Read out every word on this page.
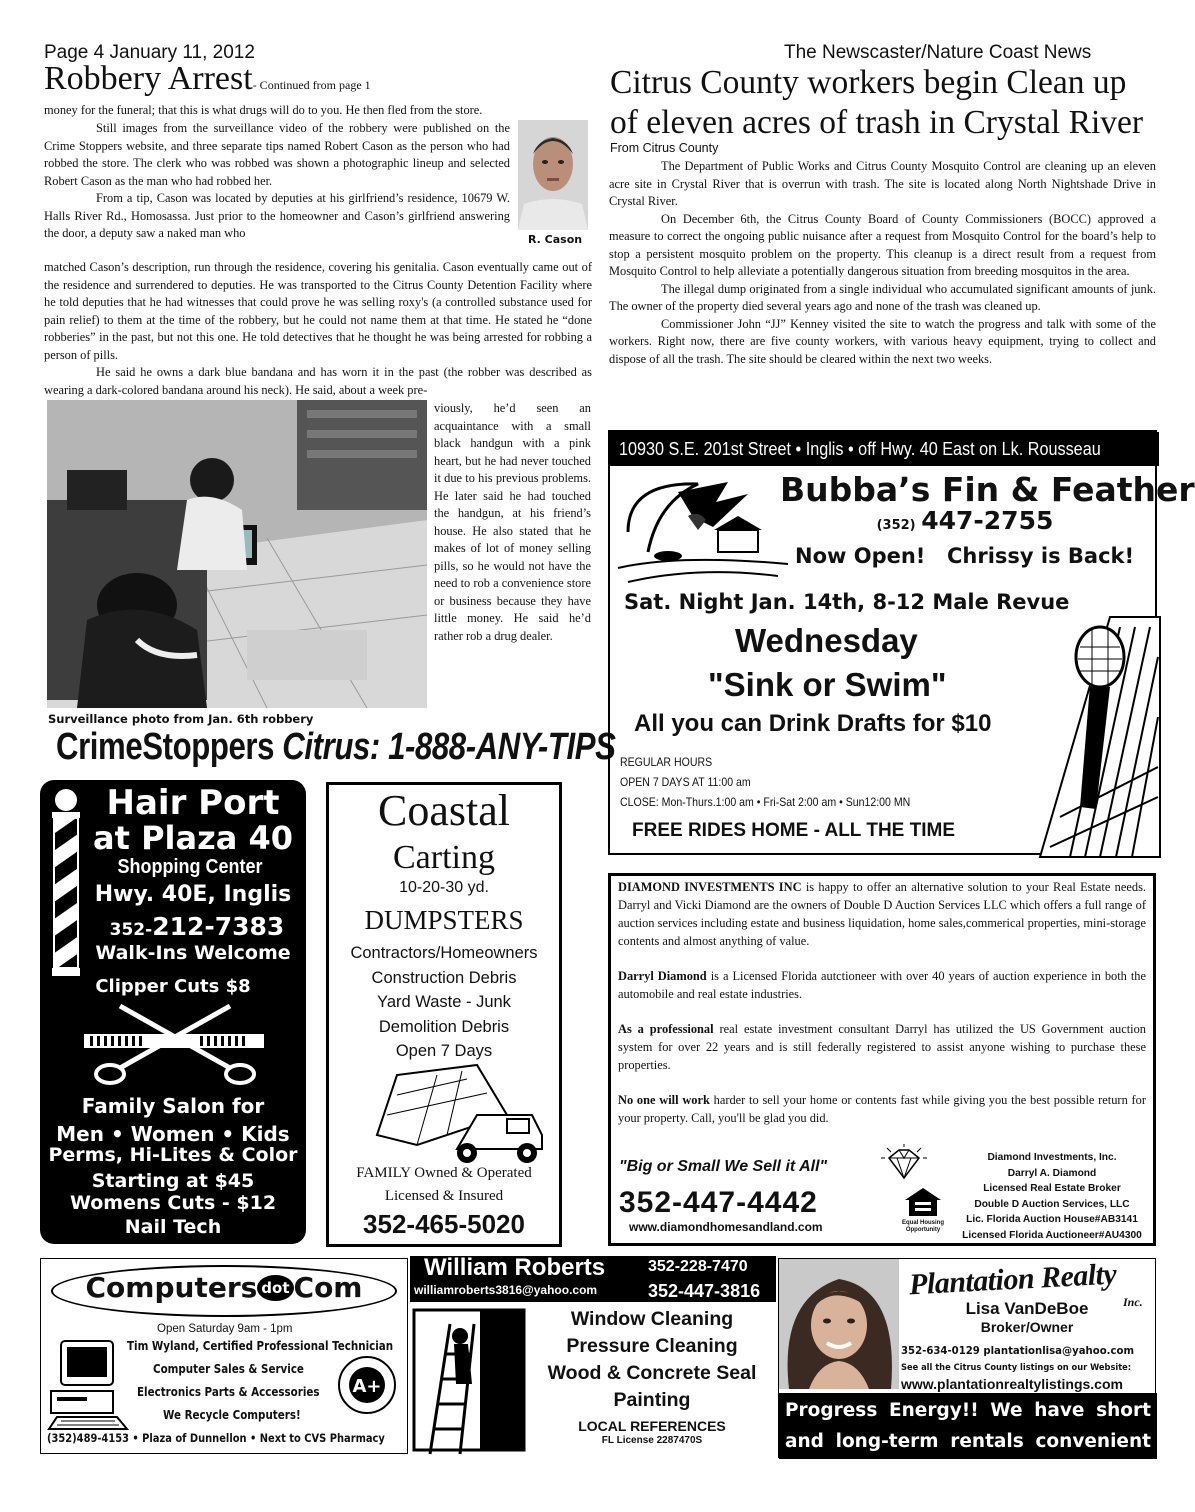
Page 4 January 11, 2012	The Newscaster/Nature Coast News
Robbery Arrest- Continued from page 1

money for the funeral; that this is what drugs will do to you. He then fled from the store.

Still images from the surveillance video of the robbery were published on the Crime Stoppers website, and three separate tips named Robert Cason as the person who had robbed the store. The clerk who was robbed was shown a photographic lineup and selected Robert Cason as the man who had robbed her.

From a tip, Cason was located by deputies at his girlfriend’s residence, 10679 W. Halls River Rd., Homosassa. Just prior to the homeowner and Cason’s girlfriend answering the door, a deputy saw a naked man who	R. Cason

matched Cason’s description, run through the residence, covering his genitalia. Cason eventually came out of the residence and surrendered to deputies. He was transported to the Citrus County Detention Facility where he told deputies that he had witnesses that could prove he was selling roxy's (a controlled substance used for pain relief) to them at the time of the robbery, but he could not name them at that time. He stated he “done robberies” in the past, but not this one. He told detectives that he thought he was being arrested for robbing a person of pills.

He said he owns a dark blue bandana and has worn it in the past (the robber was described as wearing a dark-colored bandana around his neck). He said, about a week pre-

viously, he’d seen an acquaintance with a small black handgun with a pink heart, but he had never touched it due to his previous problems. He later said he had touched the handgun, at his friend’s house. He also stated that he makes of lot of money selling pills, so he would not have the need to rob a convenience store or business because they have little money. He said he’d rather rob a drug dealer.

Surveillance photo from Jan. 6th robbery
CrimeStoppers Citrus: 1-888-ANY-TIPS
Citrus County workers begin Clean up
of eleven acres of trash in Crystal River
From Citrus County

The Department of Public Works and Citrus County Mosquito Control are cleaning up an eleven acre site in Crystal River that is overrun with trash. The site is located along North Nightshade Drive in Crystal River.

On December 6th, the Citrus County Board of County Commissioners (BOCC) approved a measure to correct the ongoing public nuisance after a request from Mosquito Control for the board’s help to stop a persistent mosquito problem on the property. This cleanup is a direct result from a request from Mosquito Control to help alleviate a potentially dangerous situation from breeding mosquitos in the area.

The illegal dump originated from a single individual who accumulated significant amounts of junk. The owner of the property died several years ago and none of the trash was cleaned up.

Commissioner John “JJ” Kenney visited the site to watch the progress and talk with some of the workers. Right now, there are five county workers, with various heavy equipment, trying to collect and dispose of all the trash. The site should be cleared within the next two weeks.

10930 S.E. 201st Street • Inglis • off Hwy. 40 East on Lk. Rousseau
Bubba’s Fin & Feather
(352) 447-2755
Now Open! Chrissy is Back!
Sat. Night Jan. 14th, 8-12 Male Revue
Wednesday
"Sink or Swim"
All you can Drink Drafts for $10
REGULAR HOURS
OPEN 7 DAYS AT 11:00 am
CLOSE: Mon-Thurs.1:00 am • Fri-Sat 2:00 am • Sun12:00 MN
FREE RIDES HOME - ALL THE TIME
Hair Port
at Plaza 40
Shopping Center
Hwy. 40E, Inglis
352-212-7383
Walk-Ins Welcome
Clipper Cuts $8
Family Salon for
Men • Women • Kids
Perms, Hi-Lites & Color
Starting at $45
Womens Cuts - $12
Nail Tech
Coastal
Carting
10-20-30 yd.
DUMPSTERS
Contractors/Homeowners
Construction Debris
Yard Waste - Junk
Demolition Debris
Open 7 Days
FAMILY Owned & Operated
Licensed & Insured
352-465-5020

DIAMOND INVESTMENTS INC is happy to offer an alternative solution to your Real Estate needs. Darryl and Vicki Diamond are the owners of Double D Auction Services LLC which offers a full range of auction services including estate and business liquidation, home sales,commerical properties, mini-storage contents and almost anything of value.

Darryl Diamond is a Licensed Florida autctioneer with over 40 years of auction experience in both the automobile and real estate industries.

As a professional real estate investment consultant Darryl has utilized the US Government auction system for over 22 years and is still federally registered to assist anyone wishing to purchase these properties.

No one will work harder to sell your home or contents fast while giving you the best possible return for your property. Call, you'll be glad you did.

"Big or Small We Sell it All"
352-447-4442
www.diamondhomesandland.com	Equal Housing Opportunity
Diamond Investments, Inc.
Darryl A. Diamond
Licensed Real Estate Broker
Double D Auction Services, LLC
Lic. Florida Auction House#AB3141
Licensed Florida Auctioneer#AU4300
Computers dot Com
Open Saturday 9am - 1pm
Tim Wyland, Certified Professional Technician
Computer Sales & Service
Electronics Parts & Accessories
We Recycle Computers!
A+
(352)489-4153 • Plaza of Dunnellon • Next to CVS Pharmacy
William Roberts
williamroberts3816@yahoo.com
352-228-7470
352-447-3816
Window Cleaning
Pressure Cleaning
Wood & Concrete Seal
Painting
LOCAL REFERENCES
FL License 2287470S
Plantation Realty
Inc.
Lisa VanDeBoe
Broker/Owner
352-634-0129 plantationlisa@yahoo.com
See all the Citrus County listings on our Website:
www.plantationrealtylistings.com
Progress Energy!! We have short and long-term rentals convenient to plant!!
